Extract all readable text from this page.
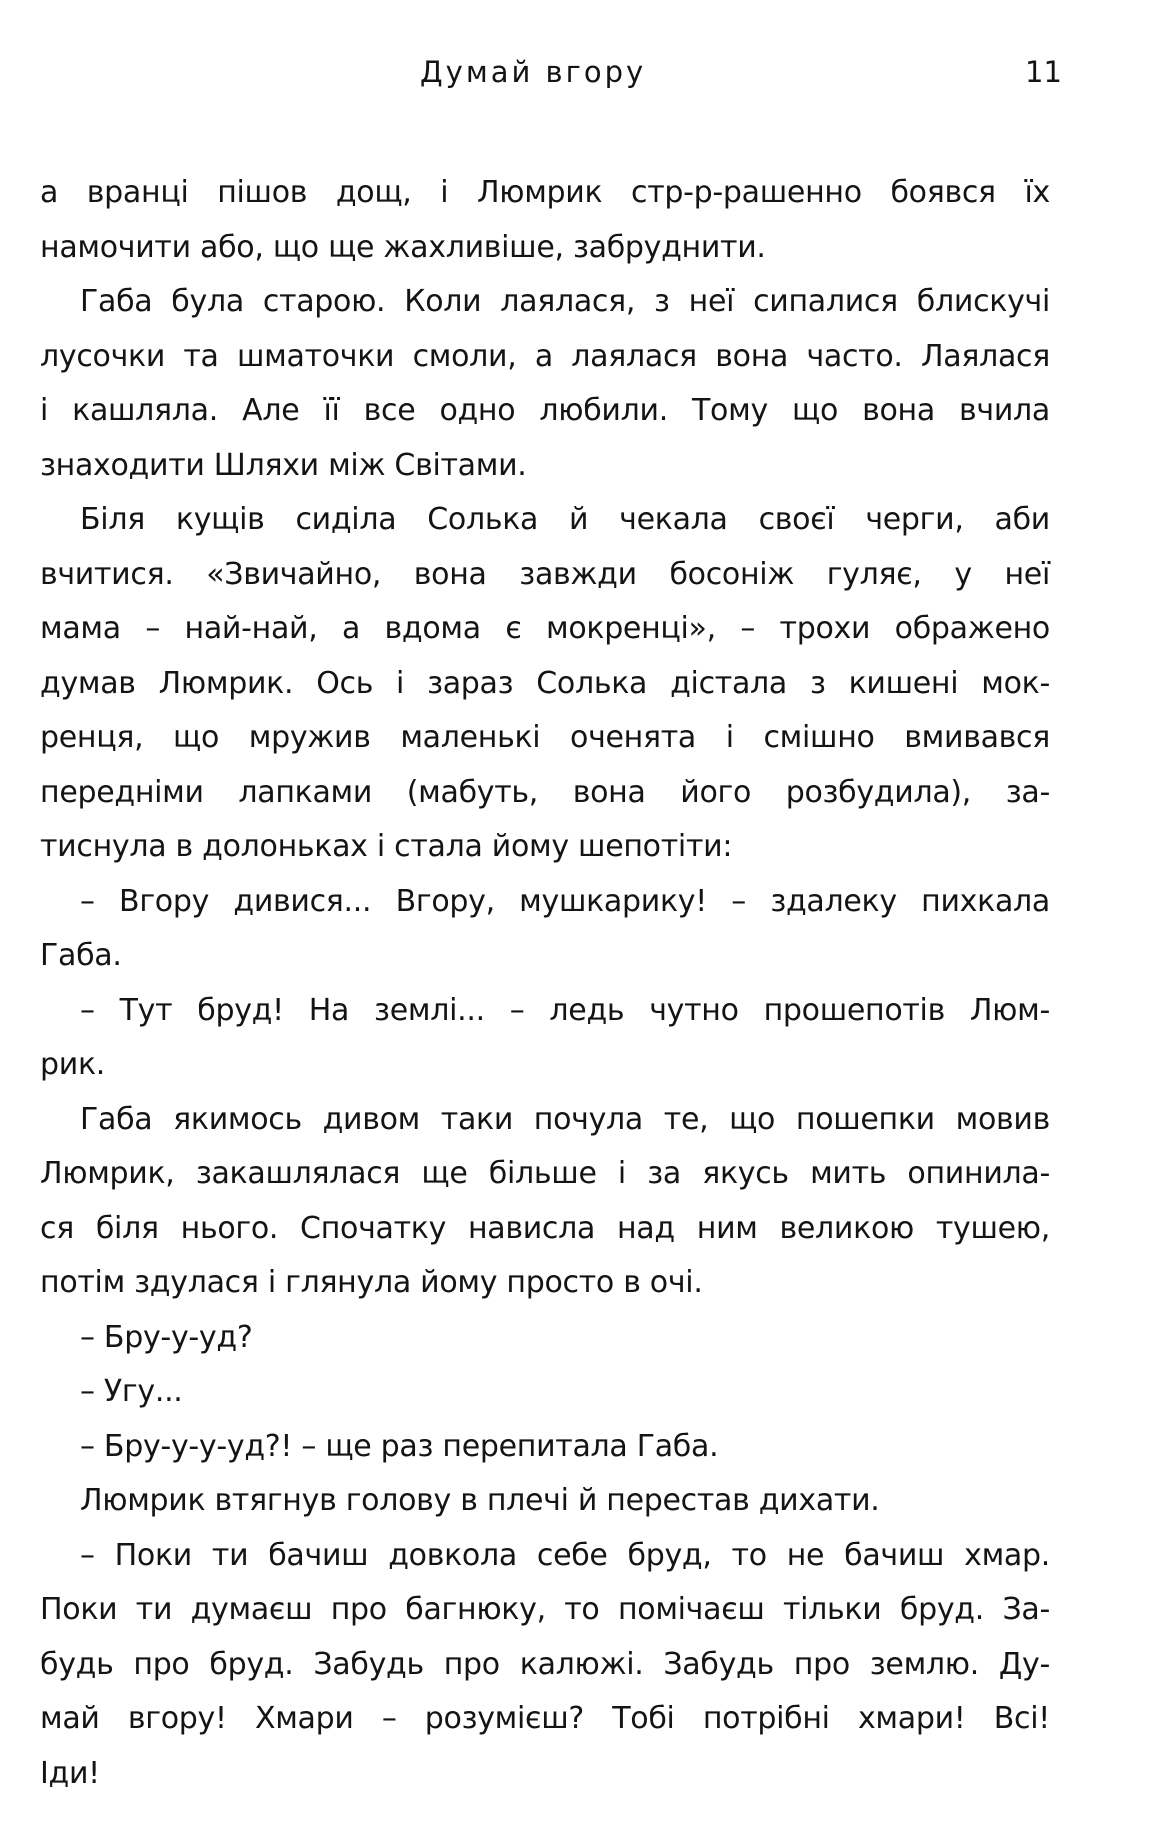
Думай вгору	11
а вранці пішов дощ, і Люмрик стр-р-рашенно боявся їх
намочити або, що ще жахливіше, забруднити.
Габа була старою. Коли лаялася, з неї сипалися блискучі
лусочки та шматочки смоли, а лаялася вона часто. Лаялася
і кашляла. Але її все одно любили. Тому що вона вчила
знаходити Шляхи між Світами.
Біля кущів сиділа Солька й чекала своєї черги, аби
вчитися. «Звичайно, вона завжди босоніж гуляє, у неї
мама – най-най, а вдома є мокренці», – трохи ображено
думав Люмрик. Ось і зараз Солька дістала з кишені мок-
ренця, що мружив маленькі оченята і смішно вмивався
передніми лапками (мабуть, вона його розбудила), за-
тиснула в долоньках і стала йому шепотіти:
– Вгору дивися... Вгору, мушкарику! – здалеку пихкала
Габа.
– Тут бруд! На землі... – ледь чутно прошепотів Люм-
рик.
Габа якимось дивом таки почула те, що пошепки мовив
Люмрик, закашлялася ще більше і за якусь мить опинила-
ся біля нього. Спочатку нависла над ним великою тушею,
потім здулася і глянула йому просто в очі.
– Бру-у-уд?
– Угу...
– Бру-у-у-уд?! – ще раз перепитала Габа.
Люмрик втягнув голову в плечі й перестав дихати.
– Поки ти бачиш довкола себе бруд, то не бачиш хмар.
Поки ти думаєш про багнюку, то помічаєш тільки бруд. За-
будь про бруд. Забудь про калюжі. Забудь про землю. Ду-
май вгору! Хмари – розумієш? Тобі потрібні хмари! Всі!
Іди!
